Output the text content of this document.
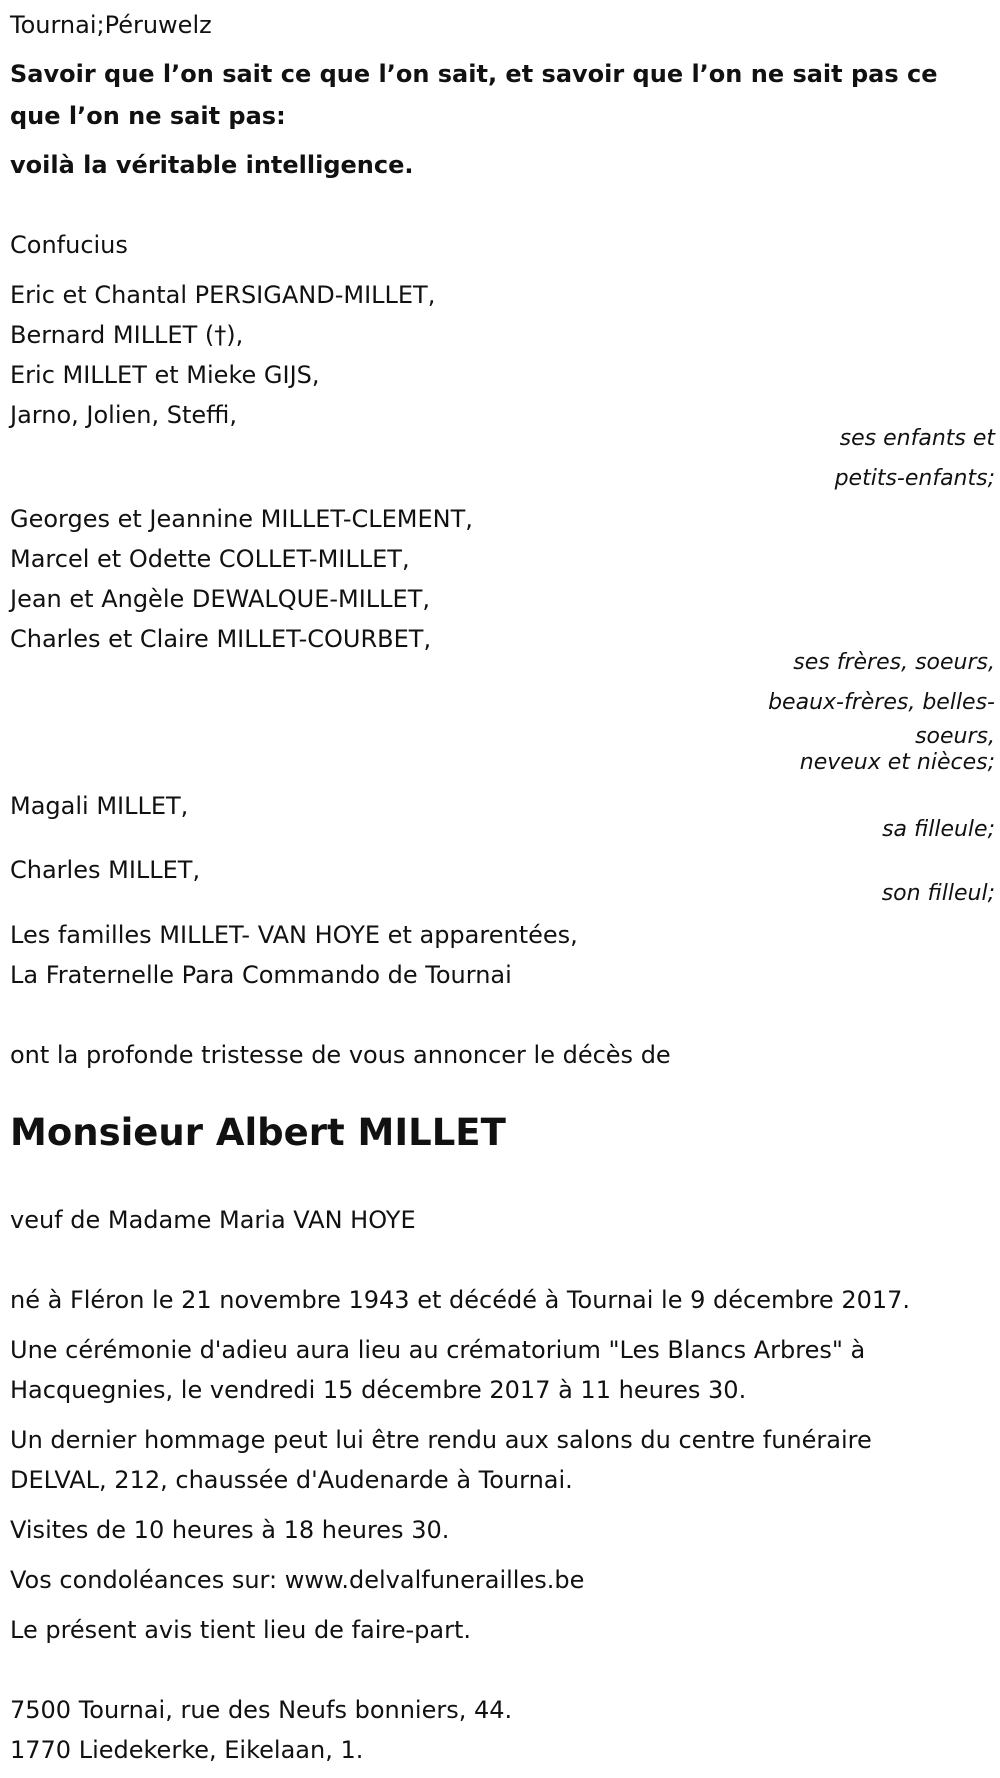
Tournai;Péruwelz
Savoir que l’on sait ce que l’on sait, et savoir que l’on ne sait pas ce
que l’on ne sait pas:
voilà la véritable intelligence.
Confucius
Eric et Chantal PERSIGAND-MILLET,
Bernard MILLET (†),
Eric MILLET et Mieke GIJS,
Jarno, Jolien, Steffi,
ses enfants et
petits-enfants;
Georges et Jeannine MILLET-CLEMENT,
Marcel et Odette COLLET-MILLET,
Jean et Angèle DEWALQUE-MILLET,
Charles et Claire MILLET-COURBET,
ses frères, soeurs,
beaux-frères, belles-
soeurs,
neveux et nièces;
Magali MILLET,
sa filleule;
Charles MILLET,
son filleul;
Les familles MILLET- VAN HOYE et apparentées,
La Fraternelle Para Commando de Tournai
ont la profonde tristesse de vous annoncer le décès de
Monsieur Albert MILLET
veuf de Madame Maria VAN HOYE
né à Fléron le 21 novembre 1943 et décédé à Tournai le 9 décembre 2017.
Une cérémonie d'adieu aura lieu au crématorium "Les Blancs Arbres" à
Hacquegnies, le vendredi 15 décembre 2017 à 11 heures 30.
Un dernier hommage peut lui être rendu aux salons du centre funéraire
DELVAL, 212, chaussée d'Audenarde à Tournai.
Visites de 10 heures à 18 heures 30.
Vos condoléances sur: www.delvalfunerailles.be
Le présent avis tient lieu de faire-part.
7500 Tournai, rue des Neufs bonniers, 44.
1770 Liedekerke, Eikelaan, 1.
